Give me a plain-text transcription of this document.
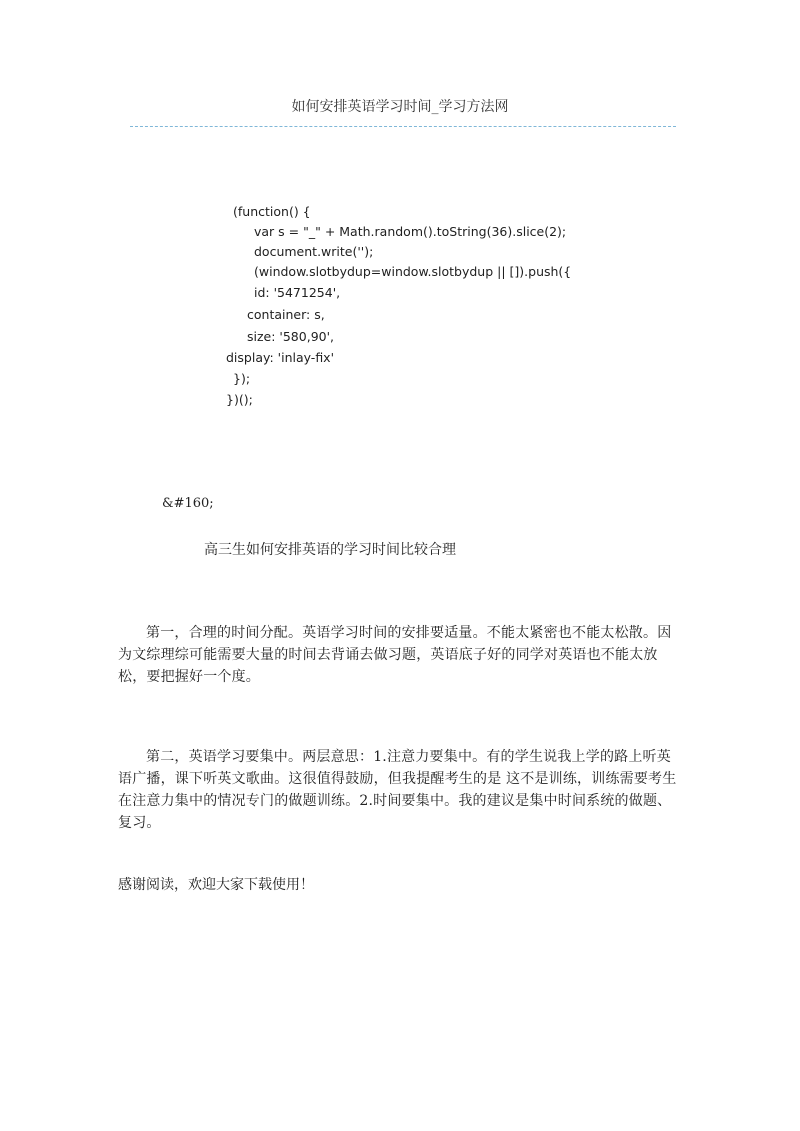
如何安排英语学习时间_学习方法网
(function() {
var s = "_" + Math.random().toString(36).slice(2);
document.write('');
(window.slotbydup=window.slotbydup || []).push({
id: '5471254',
container: s,
size: '580,90',
display: 'inlay-fix'
});
})();
&#160;
高三生如何安排英语的学习时间比较合理
第一，合理的时间分配。英语学习时间的安排要适量。不能太紧密也不能太松散。因为文综理综可能需要大量的时间去背诵去做习题，英语底子好的同学对英语也不能太放松，要把握好一个度。
第二，英语学习要集中。两层意思：1.注意力要集中。有的学生说我上学的路上听英语广播，课下听英文歌曲。这很值得鼓励，但我提醒考生的是 这不是训练，训练需要考生在注意力集中的情况专门的做题训练。2.时间要集中。我的建议是集中时间系统的做题、复习。
感谢阅读，欢迎大家下载使用！
